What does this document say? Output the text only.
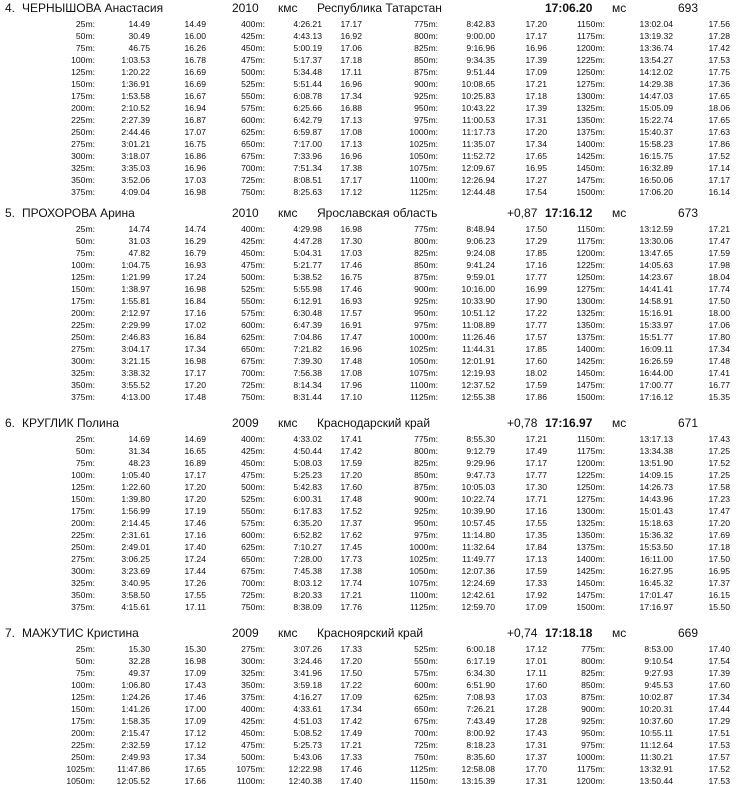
4. ЧЕРНЫШОВА Анастасия	2010 кмс Республика Татарстан	17:06.20 мс	693
25m:	14.49	14.49	400m:	4:26.21	17.17	775m:	8:42.83	17.20	1150m:	13:02.04	17.56
50m:	30.49	16.00	425m:	4:43.13	16.92	800m:	9:00.00	17.17	1175m:	13:19.32	17.28
75m:	46.75	16.26	450m:	5:00.19	17.06	825m:	9:16.96	16.96	1200m:	13:36.74	17.42
100m:	1:03.53	16.78	475m:	5:17.37	17.18	850m:	9:34.35	17.39	1225m:	13:54.27	17.53
125m:	1:20.22	16.69	500m:	5:34.48	17.11	875m:	9:51.44	17.09	1250m:	14:12.02	17.75
150m:	1:36.91	16.69	525m:	5:51.44	16.96	900m:	10:08.65	17.21	1275m:	14:29.38	17.36
175m:	1:53.58	16.67	550m:	6:08.78	17.34	925m:	10:25.83	17.18	1300m:	14:47.03	17.65
200m:	2:10.52	16.94	575m:	6:25.66	16.88	950m:	10:43.22	17.39	1325m:	15:05.09	18.06
225m:	2:27.39	16.87	600m:	6:42.79	17.13	975m:	11:00.53	17.31	1350m:	15:22.74	17.65
250m:	2:44.46	17.07	625m:	6:59.87	17.08	1000m:	11:17.73	17.20	1375m:	15:40.37	17.63
275m:	3:01.21	16.75	650m:	7:17.00	17.13	1025m:	11:35.07	17.34	1400m:	15:58.23	17.86
300m:	3:18.07	16.86	675m:	7:33.96	16.96	1050m:	11:52.72	17.65	1425m:	16:15.75	17.52
325m:	3:35.03	16.96	700m:	7:51.34	17.38	1075m:	12:09.67	16.95	1450m:	16:32.89	17.14
350m:	3:52.06	17.03	725m:	8:08.51	17.17	1100m:	12:26.94	17.27	1475m:	16:50.06	17.17
375m:	4:09.04	16.98	750m:	8:25.63	17.12	1125m:	12:44.48	17.54	1500m:	17:06.20	16.14
5. ПРОХОРОВА Арина	2010 кмс Ярославская область	+0,87 17:16.12 мс	673
25m:	14.74	14.74	400m:	4:29.98	16.98	775m:	8:48.94	17.50	1150m:	13:12.59	17.21
50m:	31.03	16.29	425m:	4:47.28	17.30	800m:	9:06.23	17.29	1175m:	13:30.06	17.47
75m:	47.82	16.79	450m:	5:04.31	17.03	825m:	9:24.08	17.85	1200m:	13:47.65	17.59
100m:	1:04.75	16.93	475m:	5:21.77	17.46	850m:	9:41.24	17.16	1225m:	14:05.63	17.98
125m:	1:21.99	17.24	500m:	5:38.52	16.75	875m:	9:59.01	17.77	1250m:	14:23.67	18.04
150m:	1:38.97	16.98	525m:	5:55.98	17.46	900m:	10:16.00	16.99	1275m:	14:41.41	17.74
175m:	1:55.81	16.84	550m:	6:12.91	16.93	925m:	10:33.90	17.90	1300m:	14:58.91	17.50
200m:	2:12.97	17.16	575m:	6:30.48	17.57	950m:	10:51.12	17.22	1325m:	15:16.91	18.00
225m:	2:29.99	17.02	600m:	6:47.39	16.91	975m:	11:08.89	17.77	1350m:	15:33.97	17.06
250m:	2:46.83	16.84	625m:	7:04.86	17.47	1000m:	11:26.46	17.57	1375m:	15:51.77	17.80
275m:	3:04.17	17.34	650m:	7:21.82	16.96	1025m:	11:44.31	17.85	1400m:	16:09.11	17.34
300m:	3:21.15	16.98	675m:	7:39.30	17.48	1050m:	12:01.91	17.60	1425m:	16:26.59	17.48
325m:	3:38.32	17.17	700m:	7:56.38	17.08	1075m:	12:19.93	18.02	1450m:	16:44.00	17.41
350m:	3:55.52	17.20	725m:	8:14.34	17.96	1100m:	12:37.52	17.59	1475m:	17:00.77	16.77
375m:	4:13.00	17.48	750m:	8:31.44	17.10	1125m:	12:55.38	17.86	1500m:	17:16.12	15.35
6. КРУГЛИК Полина	2009 кмс Краснодарский край	+0,78 17:16.97 мс	671
25m:	14.69	14.69	400m:	4:33.02	17.41	775m:	8:55.30	17.21	1150m:	13:17.13	17.43
50m:	31.34	16.65	425m:	4:50.44	17.42	800m:	9:12.79	17.49	1175m:	13:34.38	17.25
75m:	48.23	16.89	450m:	5:08.03	17.59	825m:	9:29.96	17.17	1200m:	13:51.90	17.52
100m:	1:05.40	17.17	475m:	5:25.23	17.20	850m:	9:47.73	17.77	1225m:	14:09.15	17.25
125m:	1:22.60	17.20	500m:	5:42.83	17.60	875m:	10:05.03	17.30	1250m:	14:26.73	17.58
150m:	1:39.80	17.20	525m:	6:00.31	17.48	900m:	10:22.74	17.71	1275m:	14:43.96	17.23
175m:	1:56.99	17.19	550m:	6:17.83	17.52	925m:	10:39.90	17.16	1300m:	15:01.43	17.47
200m:	2:14.45	17.46	575m:	6:35.20	17.37	950m:	10:57.45	17.55	1325m:	15:18.63	17.20
225m:	2:31.61	17.16	600m:	6:52.82	17.62	975m:	11:14.80	17.35	1350m:	15:36.32	17.69
250m:	2:49.01	17.40	625m:	7:10.27	17.45	1000m:	11:32.64	17.84	1375m:	15:53.50	17.18
275m:	3:06.25	17.24	650m:	7:28.00	17.73	1025m:	11:49.77	17.13	1400m:	16:11.00	17.50
300m:	3:23.69	17.44	675m:	7:45.38	17.38	1050m:	12:07.36	17.59	1425m:	16:27.95	16.95
325m:	3:40.95	17.26	700m:	8:03.12	17.74	1075m:	12:24.69	17.33	1450m:	16:45.32	17.37
350m:	3:58.50	17.55	725m:	8:20.33	17.21	1100m:	12:42.61	17.92	1475m:	17:01.47	16.15
375m:	4:15.61	17.11	750m:	8:38.09	17.76	1125m:	12:59.70	17.09	1500m:	17:16.97	15.50
7. МАЖУТИС Кристина	2009 кмс Красноярский край	+0,74 17:18.18 мс	669
25m:	15.30	15.30	275m:	3:07.26	17.33	525m:	6:00.18	17.12	775m:	8:53.00	17.40
50m:	32.28	16.98	300m:	3:24.46	17.20	550m:	6:17.19	17.01	800m:	9:10.54	17.54
75m:	49.37	17.09	325m:	3:41.96	17.50	575m:	6:34.30	17.11	825m:	9:27.93	17.39
100m:	1:06.80	17.43	350m:	3:59.18	17.22	600m:	6:51.90	17.60	850m:	9:45.53	17.60
125m:	1:24.26	17.46	375m:	4:16.27	17.09	625m:	7:08.93	17.03	875m:	10:02.87	17.34
150m:	1:41.26	17.00	400m:	4:33.61	17.34	650m:	7:26.21	17.28	900m:	10:20.31	17.44
175m:	1:58.35	17.09	425m:	4:51.03	17.42	675m:	7:43.49	17.28	925m:	10:37.60	17.29
200m:	2:15.47	17.12	450m:	5:08.52	17.49	700m:	8:00.92	17.43	950m:	10:55.11	17.51
225m:	2:32.59	17.12	475m:	5:25.73	17.21	725m:	8:18.23	17.31	975m:	11:12.64	17.53
250m:	2:49.93	17.34	500m:	5:43.06	17.33	750m:	8:35.60	17.37	1000m:	11:30.21	17.57
1025m:	11:47.86	17.65	1075m:	12:22.98	17.46	1125m:	12:58.08	17.70	1175m:	13:32.91	17.52
1050m:	12:05.52	17.66	1100m:	12:40.38	17.40	1150m:	13:15.39	17.31	1200m:	13:50.44	17.53
